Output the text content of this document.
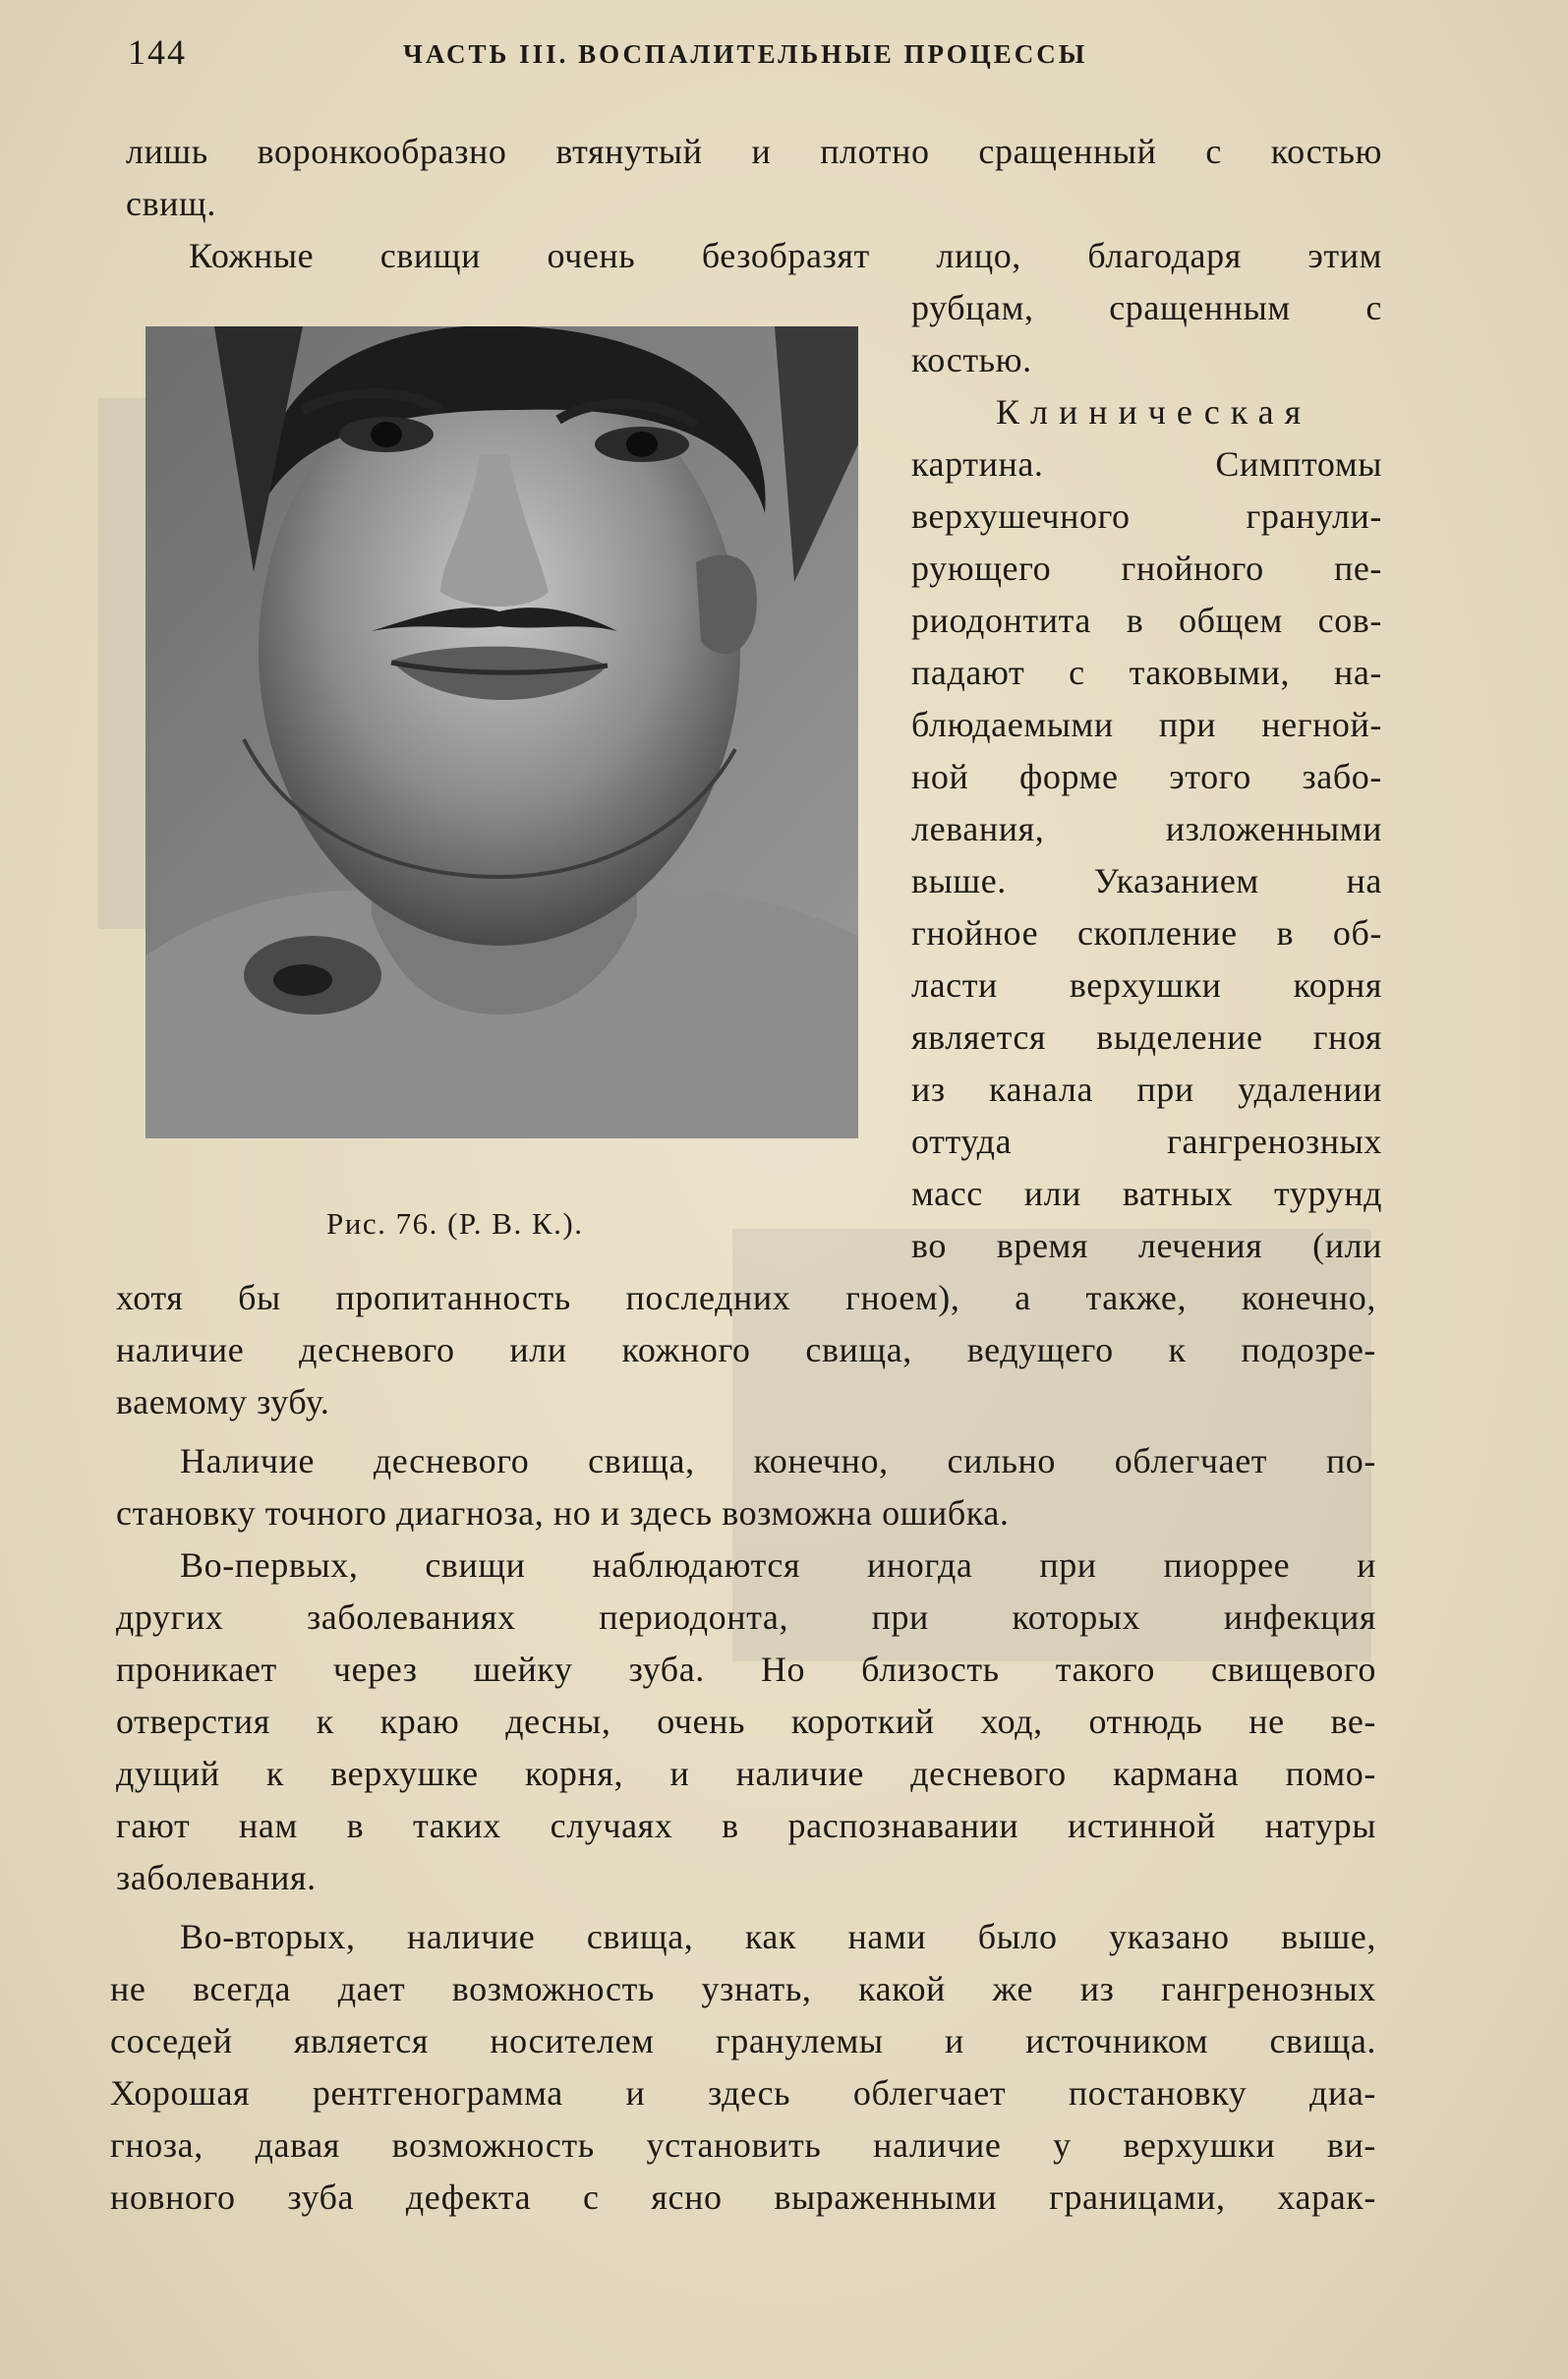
144	ЧАСТЬ III. ВОСПАЛИТЕЛЬНЫЕ ПРОЦЕССЫ

лишь воронкообразно втянутый и плотно сращенный с костью

свищ.

Кожные свищи очень безобразят лицо, благодаря этим

Рис. 76. (Р. В. К.).

рубцам, сращенным с

костью.

Клиническая

картина. Симптомы

верхушечного гранули-

рующего гнойного пе-

риодонтита в общем сов-

падают с таковыми, на-

блюдаемыми при негной-

ной форме этого забо-

левания, изложенными

выше. Указанием на

гнойное скопление в об-

ласти верхушки корня

является выделение гноя

из канала при удалении

оттуда гангренозных

масс или ватных турунд

во время лечения (или

хотя бы пропитанность последних гноем), а также, конечно,

наличие десневого или кожного свища, ведущего к подозре-

ваемому зубу.

Наличие десневого свища, конечно, сильно облегчает по-

становку точного диагноза, но и здесь возможна ошибка.

Во-первых, свищи наблюдаются иногда при пиоррее и

других заболеваниях периодонта, при которых инфекция

проникает через шейку зуба. Но близость такого свищевого

отверстия к краю десны, очень короткий ход, отнюдь не ве-

дущий к верхушке корня, и наличие десневого кармана помо-

гают нам в таких случаях в распознавании истинной натуры

заболевания.

Во-вторых, наличие свища, как нами было указано выше,

не всегда дает возможность узнать, какой же из гангренозных

соседей является носителем гранулемы и источником свища.

Хорошая рентгенограмма и здесь облегчает постановку диа-

гноза, давая возможность установить наличие у верхушки ви-

новного зуба дефекта с ясно выраженными границами, харак-
